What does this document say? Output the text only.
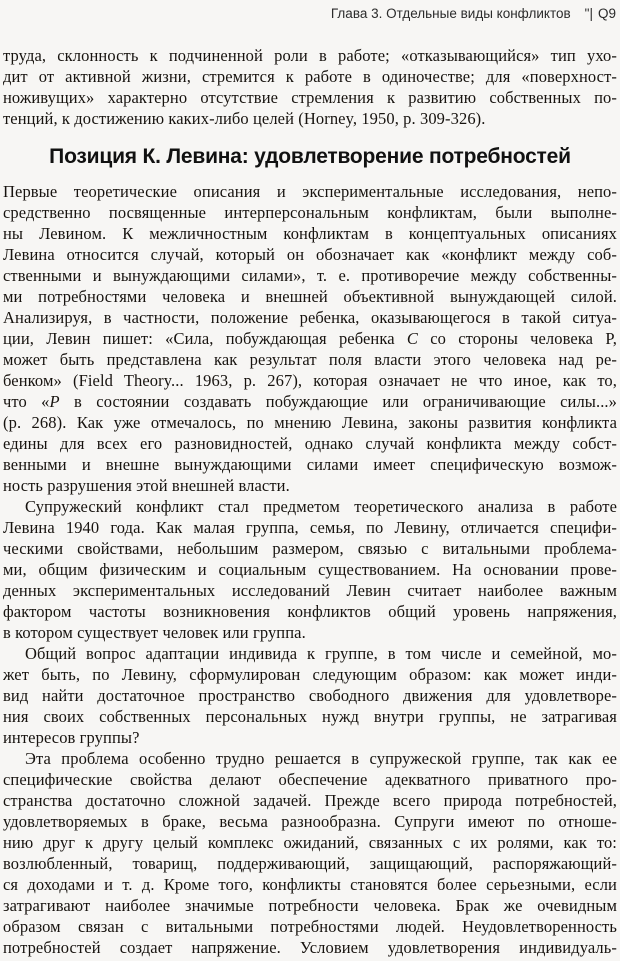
Глава 3. Отдельные виды конфликтов "| Q9
труда, склонность к подчиненной роли в работе; «отказывающийся» тип ухо-
дит от активной жизни, стремится к работе в одиночестве; для «поверхност-
ноживущих» характерно отсутствие стремления к развитию собственных по-
тенций, к достижению каких-либо целей (Horney, 1950, p. 309-326).
Позиция К. Левина: удовлетворение потребностей
Первые теоретические описания и экспериментальные исследования, непо-
средственно посвященные интерперсональным конфликтам, были выполне-
ны Левином. К межличностным конфликтам в концептуальных описаниях
Левина относится случай, который он обозначает как «конфликт между соб-
ственными и вынуждающими силами», т. е. противоречие между собственны-
ми потребностями человека и внешней объективной вынуждающей силой.
Анализируя, в частности, положение ребенка, оказывающегося в такой ситуа-
ции, Левин пишет: «Сила, побуждающая ребенка C со стороны человека P,
может быть представлена как результат поля власти этого человека над ре-
бенком» (Field Theory... 1963, p. 267), которая означает не что иное, как то,
что «P в состоянии создавать побуждающие или ограничивающие силы...»
(p. 268). Как уже отмечалось, по мнению Левина, законы развития конфликта
едины для всех его разновидностей, однако случай конфликта между собст-
венными и внешне вынуждающими силами имеет специфическую возмож-
ность разрушения этой внешней власти.
Супружеский конфликт стал предметом теоретического анализа в работе
Левина 1940 года. Как малая группа, семья, по Левину, отличается специфи-
ческими свойствами, небольшим размером, связью с витальными проблема-
ми, общим физическим и социальным существованием. На основании прове-
денных экспериментальных исследований Левин считает наиболее важным
фактором частоты возникновения конфликтов общий уровень напряжения,
в котором существует человек или группа.
Общий вопрос адаптации индивида к группе, в том числе и семейной, мо-
жет быть, по Левину, сформулирован следующим образом: как может инди-
вид найти достаточное пространство свободного движения для удовлетворе-
ния своих собственных персональных нужд внутри группы, не затрагивая
интересов группы?
Эта проблема особенно трудно решается в супружеской группе, так как ее
специфические свойства делают обеспечение адекватного приватного про-
странства достаточно сложной задачей. Прежде всего природа потребностей,
удовлетворяемых в браке, весьма разнообразна. Супруги имеют по отноше-
нию друг к другу целый комплекс ожиданий, связанных с их ролями, как то:
возлюбленный, товарищ, поддерживающий, защищающий, распоряжающий-
ся доходами и т. д. Кроме того, конфликты становятся более серьезными, если
затрагивают наиболее значимые потребности человека. Брак же очевидным
образом связан с витальными потребностями людей. Неудовлетворенность
потребностей создает напряжение. Условием удовлетворения индивидуаль-
